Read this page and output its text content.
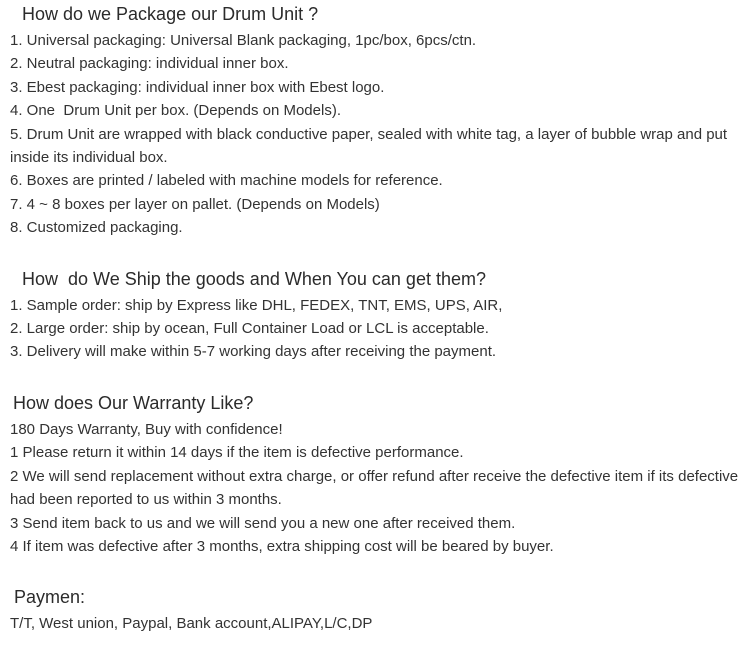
How do we Package our Drum Unit ?
1. Universal packaging: Universal Blank packaging, 1pc/box, 6pcs/ctn.
2. Neutral packaging: individual inner box.
3. Ebest packaging: individual inner box with Ebest logo.
4. One  Drum Unit per box. (Depends on Models).
5. Drum Unit are wrapped with black conductive paper, sealed with white tag, a layer of bubble wrap and put inside its individual box.
6. Boxes are printed / labeled with machine models for reference.
7. 4 ~ 8 boxes per layer on pallet. (Depends on Models)
8. Customized packaging.
How  do We Ship the goods and When You can get them?
1. Sample order: ship by Express like DHL, FEDEX, TNT, EMS, UPS, AIR,
2. Large order: ship by ocean, Full Container Load or LCL is acceptable.
3. Delivery will make within 5-7 working days after receiving the payment.
How does Our Warranty Like?
180 Days Warranty, Buy with confidence!
1 Please return it within 14 days if the item is defective performance.
2 We will send replacement without extra charge, or offer refund after receive the defective item if its defective had been reported to us within 3 months.
3 Send item back to us and we will send you a new one after received them.
4 If item was defective after 3 months, extra shipping cost will be beared by buyer.
Paymen:
T/T, West union, Paypal, Bank account,ALIPAY,L/C,DP
